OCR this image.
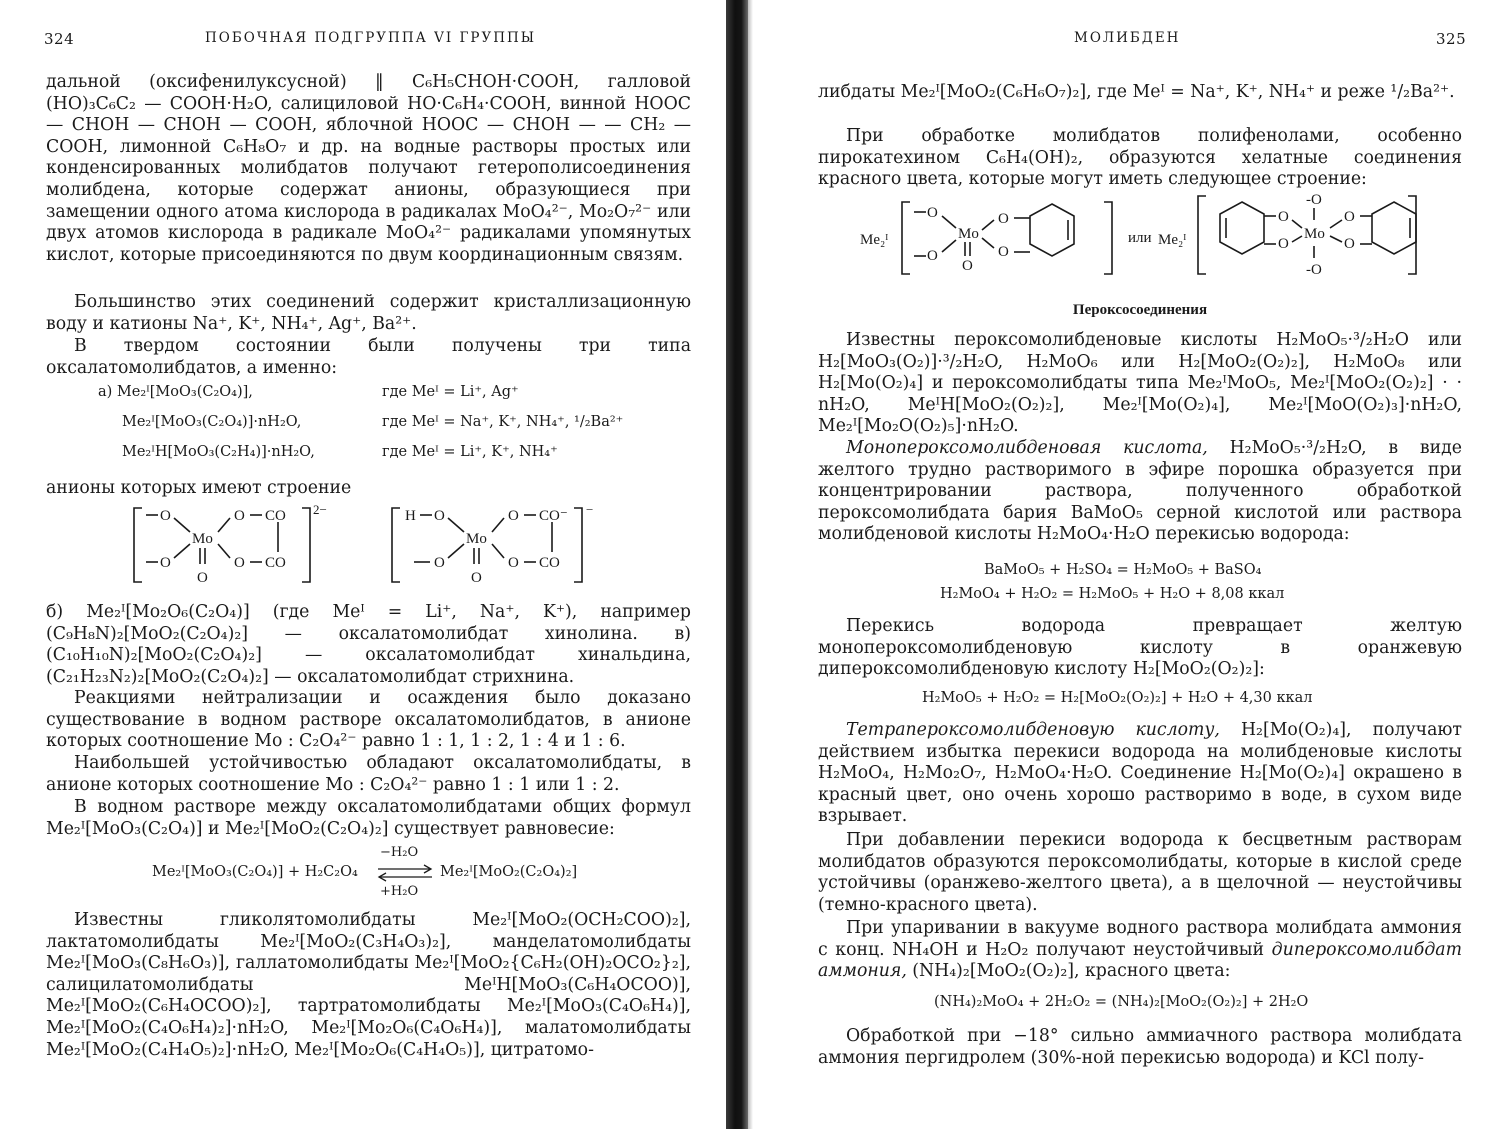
324	ПОБОЧНАЯ ПОДГРУППА VI ГРУППЫ
дальной (оксифенилуксусной) ‖ C₆H₅CHOH·COOH, галловой (HO)₃C₆C₂ — COOH·H₂O, салициловой HO·C₆H₄·COOH, винной HOOC — CHOH — CHOH — COOH, яблочной HOOC — CHOH — — CH₂ — COOH, лимонной C₆H₈O₇ и др. на водные растворы простых или конденсированных молибдатов получают гетерополисоединения молибдена, которые содержат анионы, образующиеся при замещении одного атома кислорода в радикалах MoO₄²⁻, Mo₂O₇²⁻ или двух атомов кислорода в радикале MoO₄²⁻ радикалами упомянутых кислот, которые присоединяются по двум координационным связям.
Большинство этих соединений содержит кристаллизационную воду и катионы Na⁺, K⁺, NH₄⁺, Ag⁺, Ba²⁺.
В твердом состоянии были получены три типа оксалатомолибдатов, а именно:
а) Me₂ᴵ[MoO₃(C₂O₄)],	где Meᴵ = Li⁺, Ag⁺
Me₂ᴵ[MoO₃(C₂O₄)]·nH₂O,	где Meᴵ = Na⁺, K⁺, NH₄⁺, ¹/₂Ba²⁺
Me₂ᴵH[MoO₃(C₂H₄)]·nH₂O,	где Meᴵ = Li⁺, K⁺, NH₄⁺
анионы которых имеют строение
O
O
Mo
O
O
O
CO
CO
2−	H O
O
Mo
O
O
O
CO⁻
CO
−
б) Me₂ᴵ[Mo₂O₆(C₂O₄)] (где Meᴵ = Li⁺, Na⁺, K⁺), например (C₉H₈N)₂[MoO₂(C₂O₄)₂] — оксалатомолибдат хинолина. в) (C₁₀H₁₀N)₂[MoO₂(C₂O₄)₂] — оксалатомолибдат хинальдина, (C₂₁H₂₃N₂)₂[MoO₂(C₂O₄)₂] — оксалатомолибдат стрихнина.
Реакциями нейтрализации и осаждения было доказано существование в водном растворе оксалатомолибдатов, в анионе которых соотношение Mo : C₂O₄²⁻ равно 1 : 1, 1 : 2, 1 : 4 и 1 : 6.
Наибольшей устойчивостью обладают оксалатомолибдаты, в анионе которых соотношение Mo : C₂O₄²⁻ равно 1 : 1 или 1 : 2.
В водном растворе между оксалатомолибдатами общих формул Me₂ᴵ[MoO₃(C₂O₄)] и Me₂ᴵ[MoO₂(C₂O₄)₂] существует равновесие:
Me₂ᴵ[MoO₃(C₂O₄)] + H₂C₂O₄
−H₂O
+H₂O
Me₂ᴵ[MoO₂(C₂O₄)₂]
Известны гликолятомолибдаты Me₂ᴵ[MoO₂(OCH₂COO)₂], лактатомолибдаты Me₂ᴵ[MoO₂(C₃H₄O₃)₂], манделатомолибдаты Me₂ᴵ[MoO₃(C₈H₆O₃)], галлатомолибдаты Me₂ᴵ[MoO₂{C₆H₂(OH)₂OCO₂}₂], салицилатомолибдаты MeᴵH[MoO₃(C₆H₄OCOO)], Me₂ᴵ[MoO₂(C₆H₄OCOO)₂], тартратомолибдаты Me₂ᴵ[MoO₃(C₄O₆H₄)], Me₂ᴵ[MoO₂(C₄O₆H₄)₂]·nH₂O, Me₂ᴵ[Mo₂O₆(C₄O₆H₄)], малатомолибдаты Me₂ᴵ[MoO₂(C₄H₄O₅)₂]·nH₂O, Me₂ᴵ[Mo₂O₆(C₄H₄O₅)], цитратомо-
МОЛИБДЕН	325
либдаты Me₂ᴵ[MoO₂(C₆H₆O₇)₂], где Meᴵ = Na⁺, K⁺, NH₄⁺ и реже ¹/₂Ba²⁺.
При обработке молибдатов полифенолами, особенно пирокатехином C₆H₄(OH)₂, образуются хелатные соединения красного цвета, которые могут иметь следующее строение:
Me₂ᴵ
O
O
Mo
O
O
O
или Me₂ᴵ
O
O
Mo
O
O
-O
-O
Пероксосоединения
Известны пероксомолибденовые кислоты H₂MoO₅·³/₂H₂O или H₂[MoO₃(O₂)]·³/₂H₂O, H₂MoO₆ или H₂[MoO₂(O₂)₂], H₂MoO₈ или H₂[Mo(O₂)₄] и пероксомолибдаты типа Me₂ᴵMoO₅, Me₂ᴵ[MoO₂(O₂)₂] · · nH₂O, MeᴵH[MoO₂(O₂)₂], Me₂ᴵ[Mo(O₂)₄], Me₂ᴵ[MoO(O₂)₃]·nH₂O, Me₂ᴵ[Mo₂O(O₂)₅]·nH₂O.
Монопероксомолибденовая кислота, H₂MoO₅·³/₂H₂O, в виде желтого трудно растворимого в эфире порошка образуется при концентрировании раствора, полученного обработкой пероксомолибдата бария BaMoO₅ серной кислотой или раствора молибденовой кислоты H₂MoO₄·H₂O перекисью водорода:
BaMoO₅ + H₂SO₄ = H₂MoO₅ + BaSO₄
H₂MoO₄ + H₂O₂ = H₂MoO₅ + H₂O + 8,08 ккал
Перекись водорода превращает желтую монопероксомолибденовую кислоту в оранжевую дипероксомолибденовую кислоту H₂[MoO₂(O₂)₂]:
H₂MoO₅ + H₂O₂ = H₂[MoO₂(O₂)₂] + H₂O + 4,30 ккал
Тетрапероксомолибденовую кислоту, H₂[Mo(O₂)₄], получают действием избытка перекиси водорода на молибденовые кислоты H₂MoO₄, H₂Mo₂O₇, H₂MoO₄·H₂O. Соединение H₂[Mo(O₂)₄] окрашено в красный цвет, оно очень хорошо растворимо в воде, в сухом виде взрывает.
При добавлении перекиси водорода к бесцветным растворам молибдатов образуются пероксомолибдаты, которые в кислой среде устойчивы (оранжево-желтого цвета), а в щелочной — неустойчивы (темно-красного цвета).
При упаривании в вакууме водного раствора молибдата аммония с конц. NH₄OH и H₂O₂ получают неустойчивый дипероксомолибдат аммония, (NH₄)₂[MoO₂(O₂)₂], красного цвета:
(NH₄)₂MoO₄ + 2H₂O₂ = (NH₄)₂[MoO₂(O₂)₂] + 2H₂O
Обработкой при −18° сильно аммиачного раствора молибдата аммония пергидролем (30%-ной перекисью водорода) и KCl полу-
